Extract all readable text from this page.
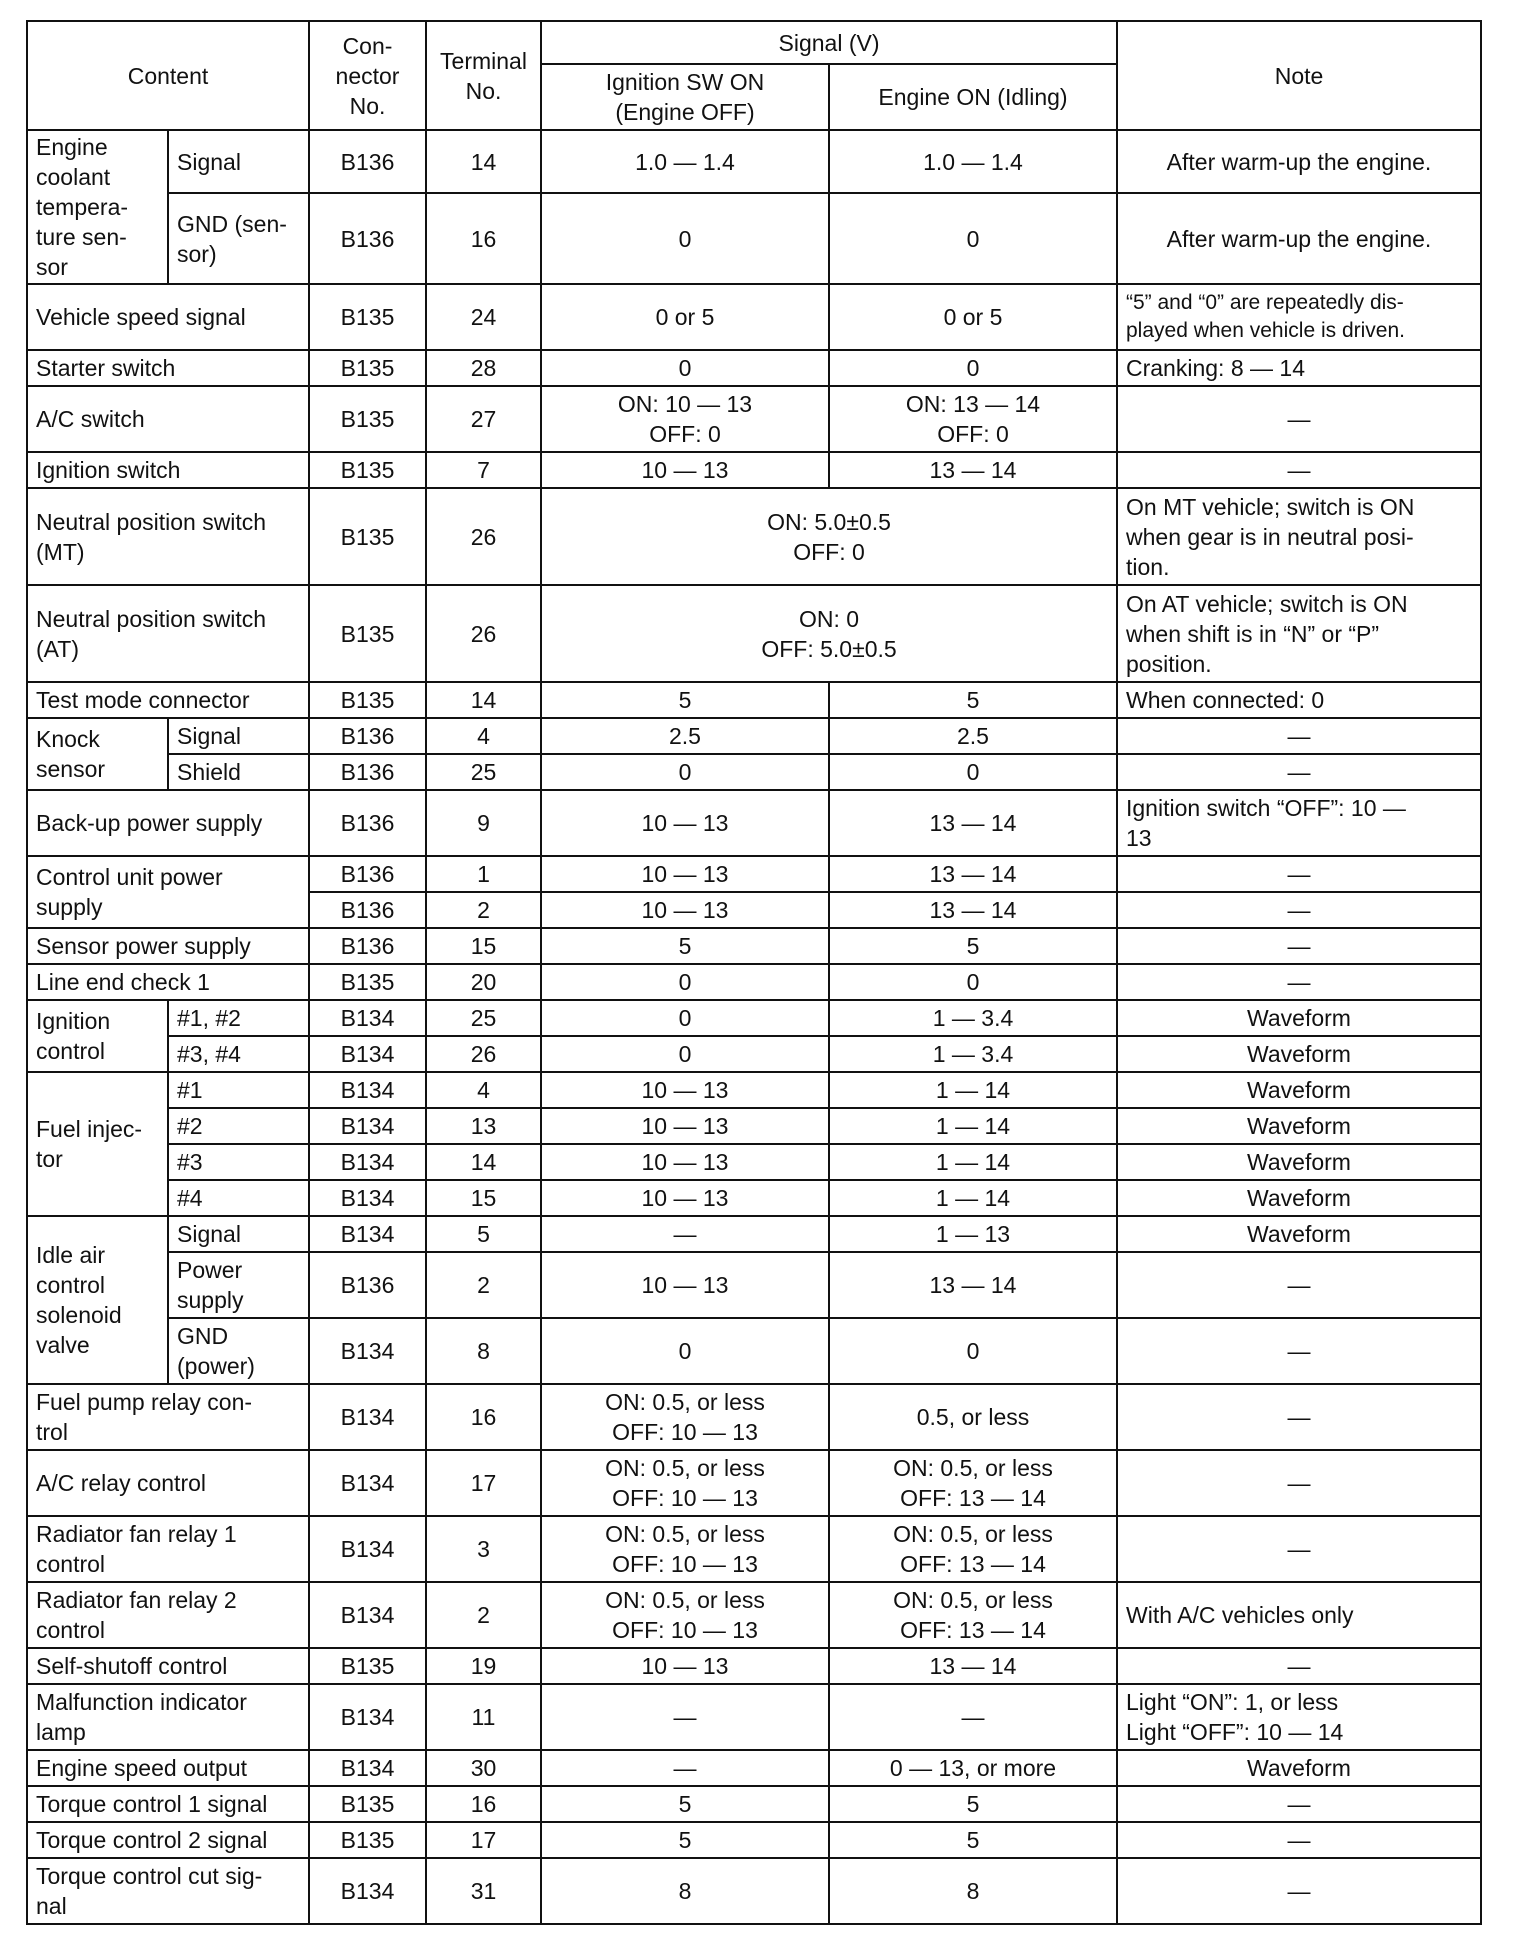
Content		Con-
nector
No.	Terminal
No.	Signal (V)		Note
				Ignition SW ON
(Engine OFF)	Engine ON (Idling)	
Engine
coolant
tempera-
ture sen-
sor	Signal	B136	14	1.0 — 1.4	1.0 — 1.4	After warm-up the engine.
	GND (sen-
sor)	B136	16	0	0	After warm-up the engine.
Vehicle speed signal		B135	24	0 or 5	0 or 5	“5” and “0” are repeatedly dis-
played when vehicle is driven.
Starter switch		B135	28	0	0	Cranking: 8 — 14
A/C switch		B135	27	ON: 10 — 13
OFF: 0	ON: 13 — 14
OFF: 0	—
Ignition switch		B135	7	10 — 13	13 — 14	—
Neutral position switch
(MT)		B135	26	ON: 5.0±0.5
OFF: 0		On MT vehicle; switch is ON
when gear is in neutral posi-
tion.
Neutral position switch
(AT)		B135	26	ON: 0
OFF: 5.0±0.5		On AT vehicle; switch is ON
when shift is in “N” or “P”
position.
Test mode connector		B135	14	5	5	When connected: 0
Knock
sensor	Signal	B136	4	2.5	2.5	—
	Shield	B136	25	0	0	—
Back-up power supply		B136	9	10 — 13	13 — 14	Ignition switch “OFF”: 10 —
13
Control unit power
supply		B136	1	10 — 13	13 — 14	—
		B136	2	10 — 13	13 — 14	—
Sensor power supply		B136	15	5	5	—
Line end check 1		B135	20	0	0	—
Ignition
control	#1, #2	B134	25	0	1 — 3.4	Waveform
	#3, #4	B134	26	0	1 — 3.4	Waveform
Fuel injec-
tor	#1	B134	4	10 — 13	1 — 14	Waveform
	#2	B134	13	10 — 13	1 — 14	Waveform
	#3	B134	14	10 — 13	1 — 14	Waveform
	#4	B134	15	10 — 13	1 — 14	Waveform
Idle air
control
solenoid
valve	Signal	B134	5	—	1 — 13	Waveform
	Power
supply	B136	2	10 — 13	13 — 14	—
	GND
(power)	B134	8	0	0	—
Fuel pump relay con-
trol		B134	16	ON: 0.5, or less
OFF: 10 — 13	0.5, or less	—
A/C relay control		B134	17	ON: 0.5, or less
OFF: 10 — 13	ON: 0.5, or less
OFF: 13 — 14	—
Radiator fan relay 1
control		B134	3	ON: 0.5, or less
OFF: 10 — 13	ON: 0.5, or less
OFF: 13 — 14	—
Radiator fan relay 2
control		B134	2	ON: 0.5, or less
OFF: 10 — 13	ON: 0.5, or less
OFF: 13 — 14	With A/C vehicles only
Self-shutoff control		B135	19	10 — 13	13 — 14	—
Malfunction indicator
lamp		B134	11	—	—	Light “ON”: 1, or less
Light “OFF”: 10 — 14
Engine speed output		B134	30	—	0 — 13, or more	Waveform
Torque control 1 signal		B135	16	5	5	—
Torque control 2 signal		B135	17	5	5	—
Torque control cut sig-
nal		B134	31	8	8	—
